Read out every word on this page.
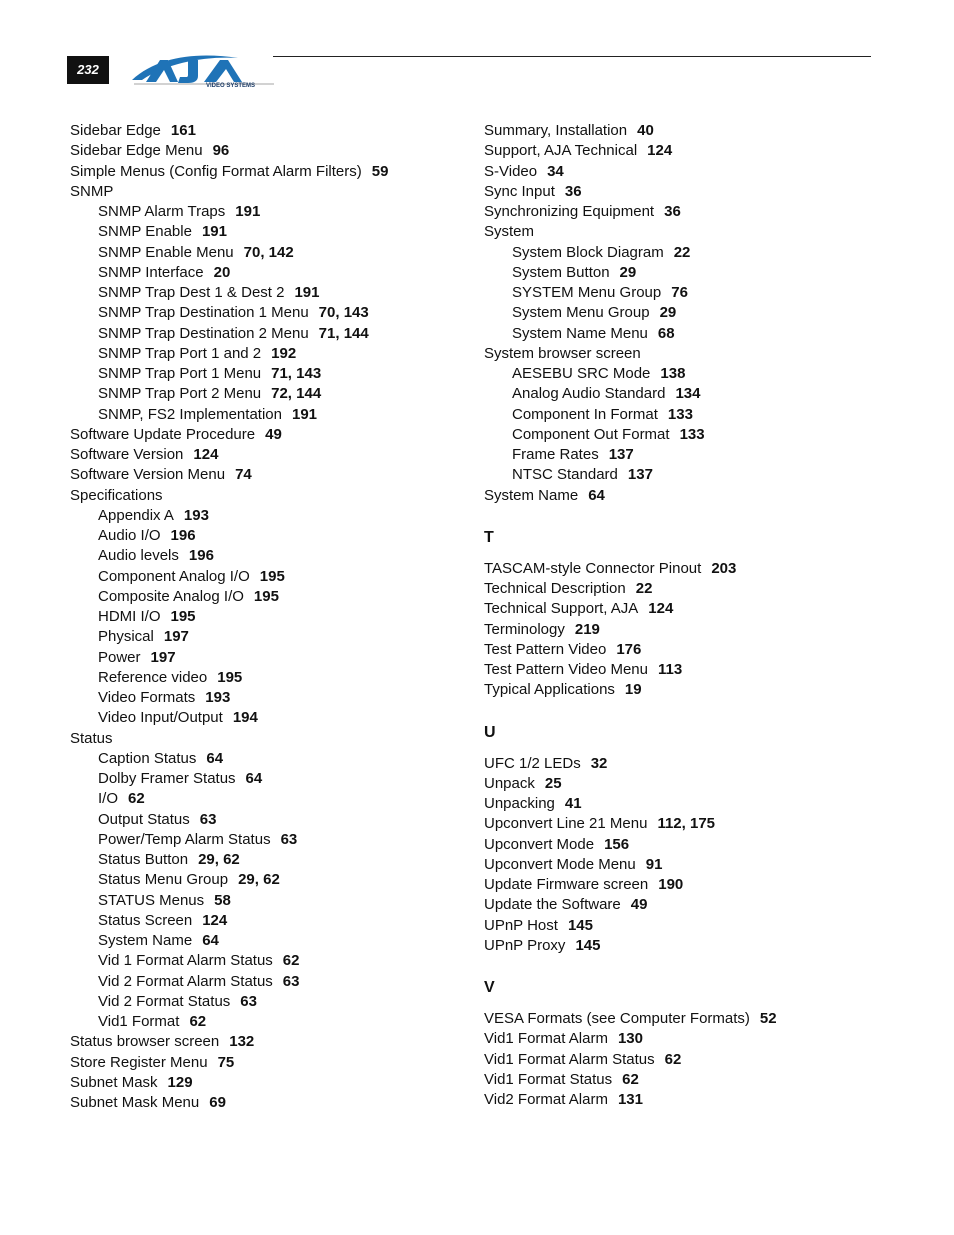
232
VIDEO SYSTEMS
Sidebar Edge 161
Sidebar Edge Menu 96
Simple Menus (Config Format Alarm Filters) 59
SNMP
SNMP Alarm Traps 191
SNMP Enable 191
SNMP Enable Menu 70, 142
SNMP Interface 20
SNMP Trap Dest 1 & Dest 2 191
SNMP Trap Destination 1 Menu 70, 143
SNMP Trap Destination 2 Menu 71, 144
SNMP Trap Port 1 and 2 192
SNMP Trap Port 1 Menu 71, 143
SNMP Trap Port 2 Menu 72, 144
SNMP, FS2 Implementation 191
Software Update Procedure 49
Software Version 124
Software Version Menu 74
Specifications
Appendix A 193
Audio I/O 196
Audio levels 196
Component Analog I/O 195
Composite Analog I/O 195
HDMI I/O 195
Physical 197
Power 197
Reference video 195
Video Formats 193
Video Input/Output 194
Status
Caption Status 64
Dolby Framer Status 64
I/O 62
Output Status 63
Power/Temp Alarm Status 63
Status Button 29, 62
Status Menu Group 29, 62
STATUS Menus 58
Status Screen 124
System Name 64
Vid 1 Format Alarm Status 62
Vid 2 Format Alarm Status 63
Vid 2 Format Status 63
Vid1 Format 62
Status browser screen 132
Store Register Menu 75
Subnet Mask 129
Subnet Mask Menu 69
Summary, Installation 40
Support, AJA Technical 124
S-Video 34
Sync Input 36
Synchronizing Equipment 36
System
System Block Diagram 22
System Button 29
SYSTEM Menu Group 76
System Menu Group 29
System Name Menu 68
System browser screen
AESEBU SRC Mode 138
Analog Audio Standard 134
Component In Format 133
Component Out Format 133
Frame Rates 137
NTSC Standard 137
System Name 64
T
TASCAM-style Connector Pinout 203
Technical Description 22
Technical Support, AJA 124
Terminology 219
Test Pattern Video 176
Test Pattern Video Menu 113
Typical Applications 19
U
UFC 1/2 LEDs 32
Unpack 25
Unpacking 41
Upconvert Line 21 Menu 112, 175
Upconvert Mode 156
Upconvert Mode Menu 91
Update Firmware screen 190
Update the Software 49
UPnP Host 145
UPnP Proxy 145
V
VESA Formats (see Computer Formats) 52
Vid1 Format Alarm 130
Vid1 Format Alarm Status 62
Vid1 Format Status 62
Vid2 Format Alarm 131
